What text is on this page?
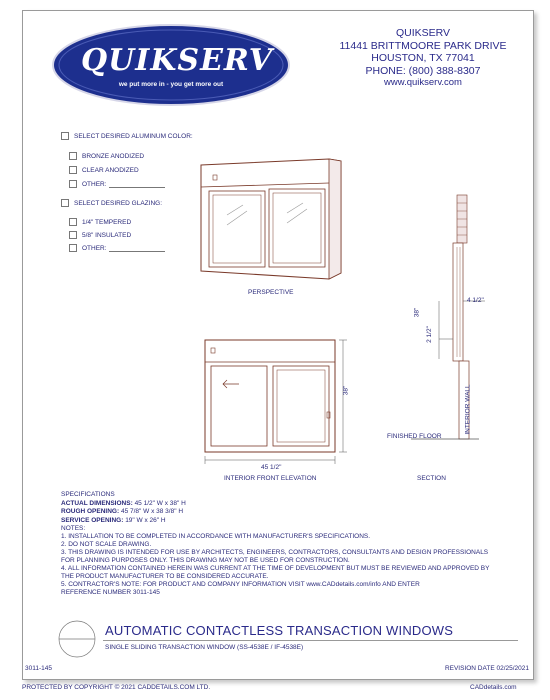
QUIKSERV
we put more in - you get more out
QUIKSERV
11441 BRITTMOORE PARK DRIVE
HOUSTON, TX 77041
PHONE: (800) 388-8307
www.quikserv.com
SELECT DESIRED ALUMINUM COLOR:
BRONZE ANODIZED
CLEAR ANODIZED
OTHER:
SELECT DESIRED GLAZING:
1/4" TEMPERED
5/8" INSULATED
OTHER:
PERSPECTIVE
38"
45 1/2"
INTERIOR FRONT ELEVATION
4 1/2"
38"
2 1/2"
INTERIOR WALL
FINISHED FLOOR
SECTION
SPECIFICATIONS
ACTUAL DIMENSIONS: 45 1/2" W x 38" H
ROUGH OPENING: 45 7/8" W x 38 3/8" H
SERVICE OPENING: 19" W x 26" H
NOTES:
1. INSTALLATION TO BE COMPLETED IN ACCORDANCE WITH MANUFACTURER'S SPECIFICATIONS.
2. DO NOT SCALE DRAWING.
3. THIS DRAWING IS INTENDED FOR USE BY ARCHITECTS, ENGINEERS, CONTRACTORS, CONSULTANTS AND DESIGN PROFESSIONALS
FOR PLANNING PURPOSES ONLY. THIS DRAWING MAY NOT BE USED FOR CONSTRUCTION.
4. ALL INFORMATION CONTAINED HEREIN WAS CURRENT AT THE TIME OF DEVELOPMENT BUT MUST BE REVIEWED AND APPROVED BY
THE PRODUCT MANUFACTURER TO BE CONSIDERED ACCURATE.
5. CONTRACTOR'S NOTE: FOR PRODUCT AND COMPANY INFORMATION VISIT www.CADdetails.com/info AND ENTER
REFERENCE NUMBER 3011-145
AUTOMATIC CONTACTLESS TRANSACTION WINDOWS
SINGLE SLIDING TRANSACTION WINDOW (SS-4538E / IF-4538E)
3011-145	REVISION DATE 02/25/2021
PROTECTED BY COPYRIGHT © 2021 CADDETAILS.COM LTD.	CADdetails.com
